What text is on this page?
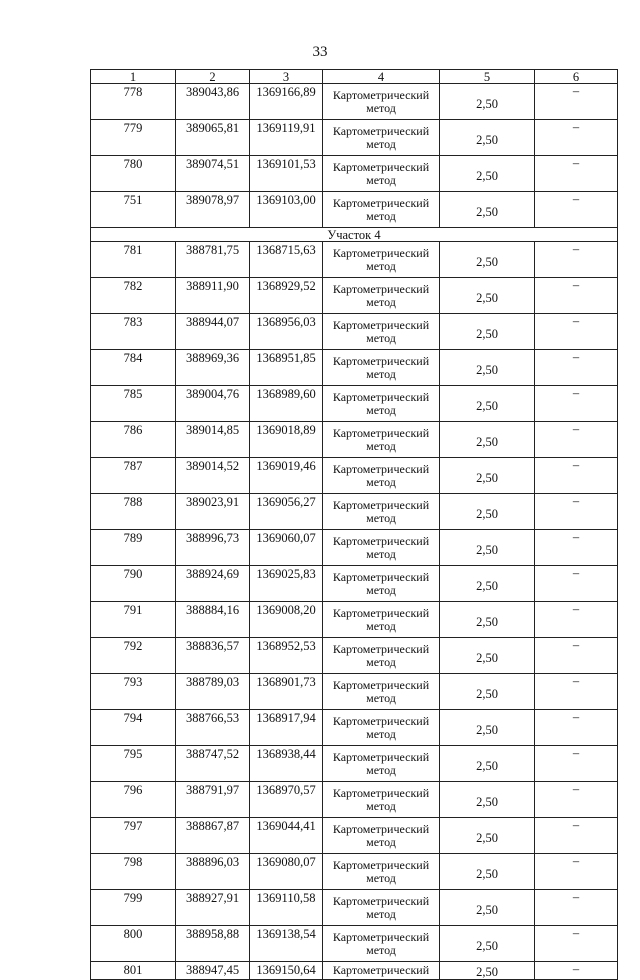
33
1	2	3	4	5	6
778	389043,86	1369166,89	Картометрический метод	2,50	–
779	389065,81	1369119,91	Картометрический метод	2,50	–
780	389074,51	1369101,53	Картометрический метод	2,50	–
751	389078,97	1369103,00	Картометрический метод	2,50	–
Участок 4					
781	388781,75	1368715,63	Картометрический метод	2,50	–
782	388911,90	1368929,52	Картометрический метод	2,50	–
783	388944,07	1368956,03	Картометрический метод	2,50	–
784	388969,36	1368951,85	Картометрический метод	2,50	–
785	389004,76	1368989,60	Картометрический метод	2,50	–
786	389014,85	1369018,89	Картометрический метод	2,50	–
787	389014,52	1369019,46	Картометрический метод	2,50	–
788	389023,91	1369056,27	Картометрический метод	2,50	–
789	388996,73	1369060,07	Картометрический метод	2,50	–
790	388924,69	1369025,83	Картометрический метод	2,50	–
791	388884,16	1369008,20	Картометрический метод	2,50	–
792	388836,57	1368952,53	Картометрический метод	2,50	–
793	388789,03	1368901,73	Картометрический метод	2,50	–
794	388766,53	1368917,94	Картометрический метод	2,50	–
795	388747,52	1368938,44	Картометрический метод	2,50	–
796	388791,97	1368970,57	Картометрический метод	2,50	–
797	388867,87	1369044,41	Картометрический метод	2,50	–
798	388896,03	1369080,07	Картометрический метод	2,50	–
799	388927,91	1369110,58	Картометрический метод	2,50	–
800	388958,88	1369138,54	Картометрический метод	2,50	–
801	388947,45	1369150,64	Картометрический	2,50	–
